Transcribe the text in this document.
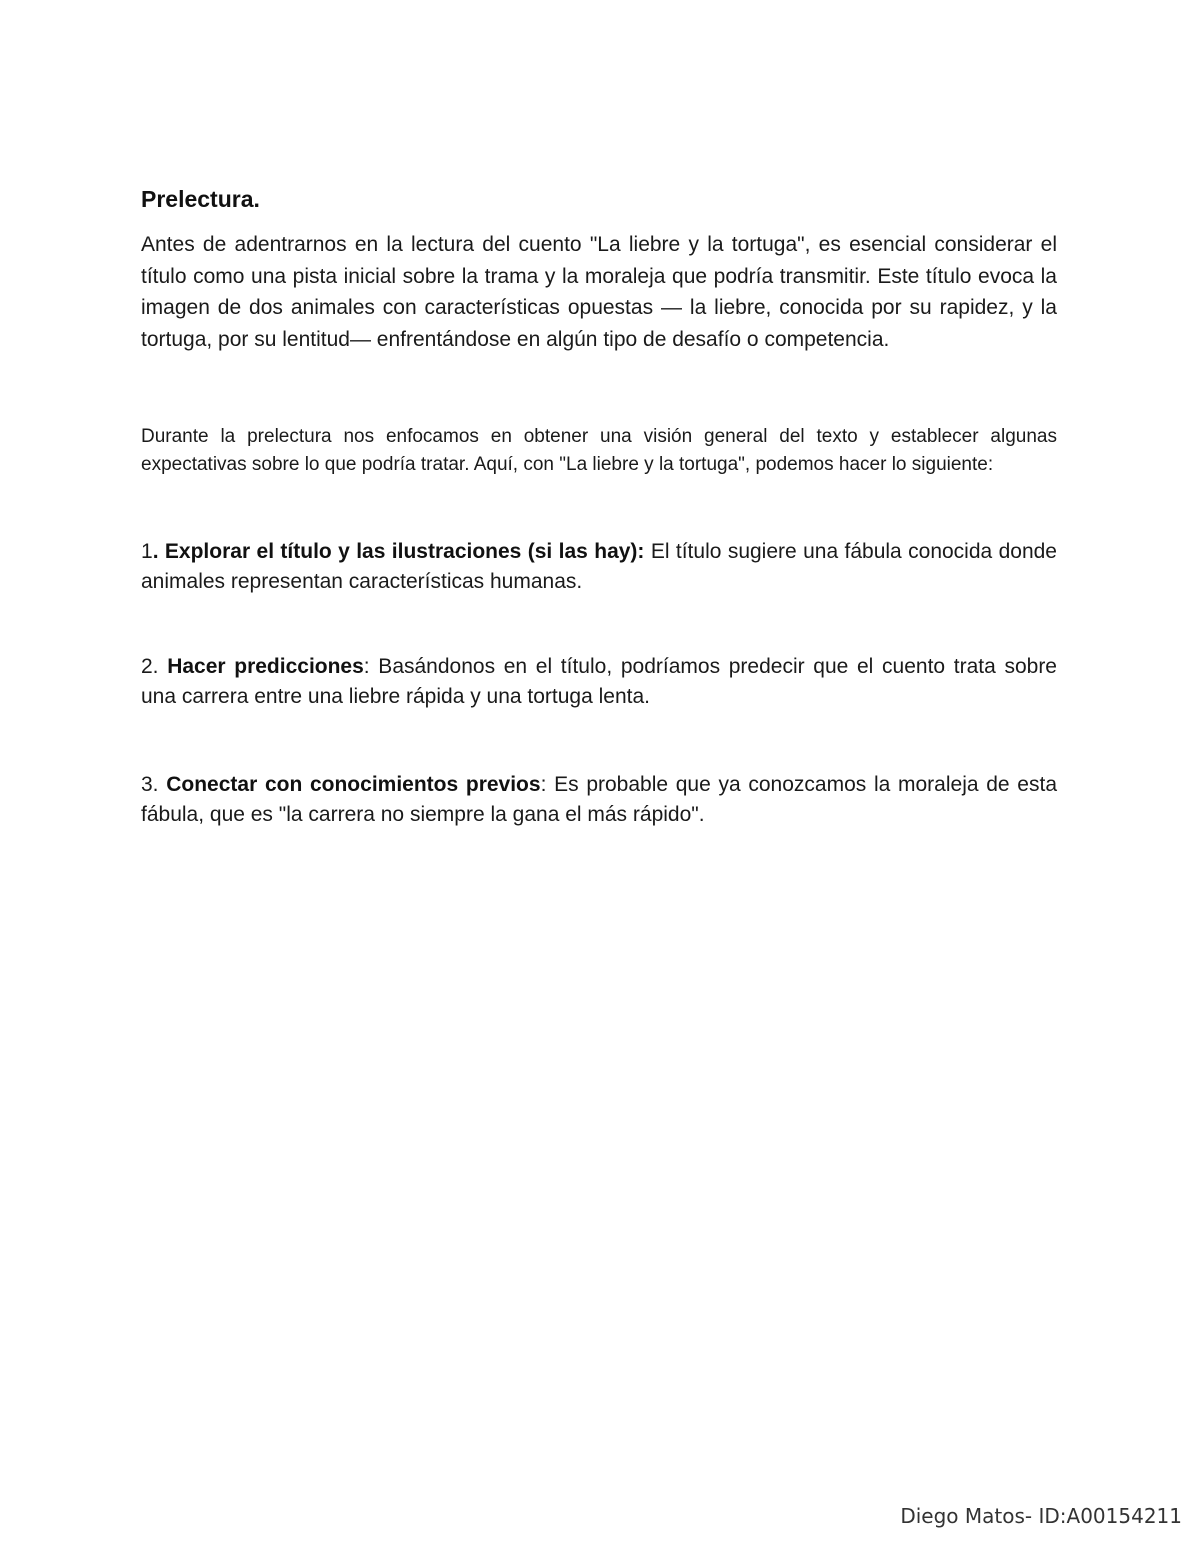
Prelectura.

Antes de adentrarnos en la lectura del cuento "La liebre y la tortuga", es esencial considerar el título como una pista inicial sobre la trama y la moraleja que podría transmitir. Este título evoca la imagen de dos animales con características opuestas — la liebre, conocida por su rapidez, y la tortuga, por su lentitud— enfrentándose en algún tipo de desafío o competencia.

Durante la prelectura nos enfocamos en obtener una visión general del texto y establecer algunas expectativas sobre lo que podría tratar. Aquí, con "La liebre y la tortuga", podemos hacer lo siguiente:

1. Explorar el título y las ilustraciones (si las hay): El título sugiere una fábula conocida donde animales representan características humanas.

2. Hacer predicciones: Basándonos en el título, podríamos predecir que el cuento trata sobre una carrera entre una liebre rápida y una tortuga lenta.

3. Conectar con conocimientos previos: Es probable que ya conozcamos la moraleja de esta fábula, que es "la carrera no siempre la gana el más rápido".

Diego Matos- ID:A00154211
